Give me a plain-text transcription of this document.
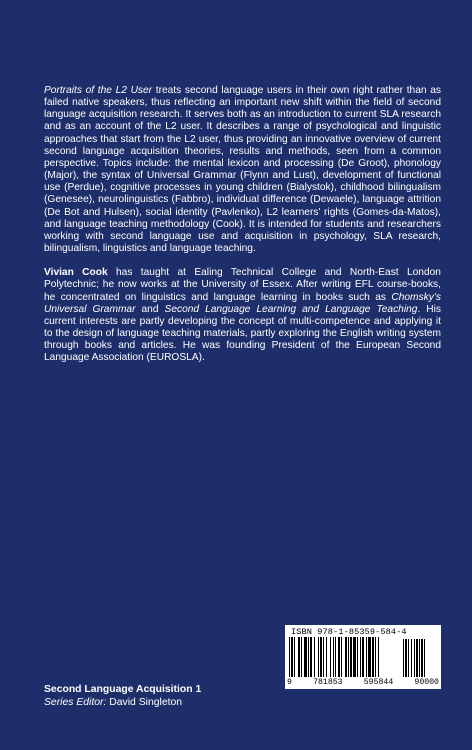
Portraits of the L2 User treats second language users in their own right rather than as failed native speakers, thus reflecting an important new shift within the field of second language acquisition research. It serves both as an introduction to current SLA research and as an account of the L2 user. It describes a range of psychological and linguistic approaches that start from the L2 user, thus providing an innovative overview of current second language acquisition theories, results and methods, seen from a common perspective. Topics include: the mental lexicon and processing (De Groot), phonology (Major), the syntax of Universal Grammar (Flynn and Lust), development of functional use (Perdue), cognitive processes in young children (Bialystok), childhood bilingualism (Genesee), neurolinguistics (Fabbro), individual difference (Dewaele), language attrition (De Bot and Hulsen), social identity (Pavlenko), L2 learners’ rights (Gomes-da-Matos), and language teaching methodology (Cook). It is intended for students and researchers working with second language use and acquisition in psychology, SLA research, bilingualism, linguistics and language teaching.

Vivian Cook has taught at Ealing Technical College and North-East London Polytechnic; he now works at the University of Essex. After writing EFL course-books, he concentrated on linguistics and language learning in books such as Chomsky’s Universal Grammar and Second Language Learning and Language Teaching. His current interests are partly developing the concept of multi-competence and applying it to the design of language teaching materials, partly exploring the English writing system through books and articles. He was founding President of the European Second Language Association (EUROSLA).

ISBN 978-1-85359-584-4
9	781853	595844	90000
Second Language Acquisition 1
Series Editor: David Singleton
